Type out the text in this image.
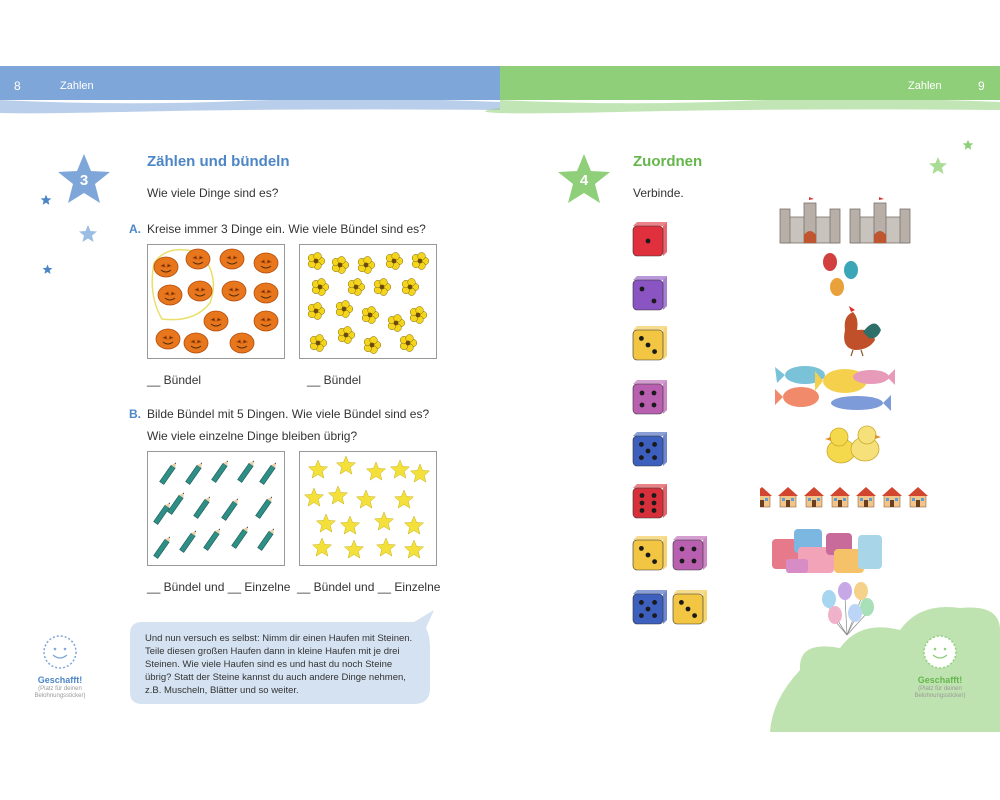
8	Zahlen	Zahlen	9
3
Zählen und bündeln
Wie viele Dinge sind es?
A. Kreise immer 3 Dinge ein. Wie viele Bündel sind es?
__ Bündel	__ Bündel
B. Bilde Bündel mit 5 Dingen. Wie viele Bündel sind es?
Wie viele einzelne Dinge bleiben übrig?
__ Bündel und __ Einzelne __ Bündel und __ Einzelne
Und nun versuch es selbst: Nimm dir einen Haufen mit Steinen.
Teile diesen großen Haufen dann in kleine Haufen mit je drei
Steinen. Wie viele Haufen sind es und hast du noch Steine
übrig? Statt der Steine kannst du auch andere Dinge nehmen,
z.B. Muscheln, Blätter und so weiter.
Geschafft!
(Platz für deinen
Belohnungssticker)
4
Zuordnen
Verbinde.
Geschafft!
(Platz für deinen
Belohnungssticker)
